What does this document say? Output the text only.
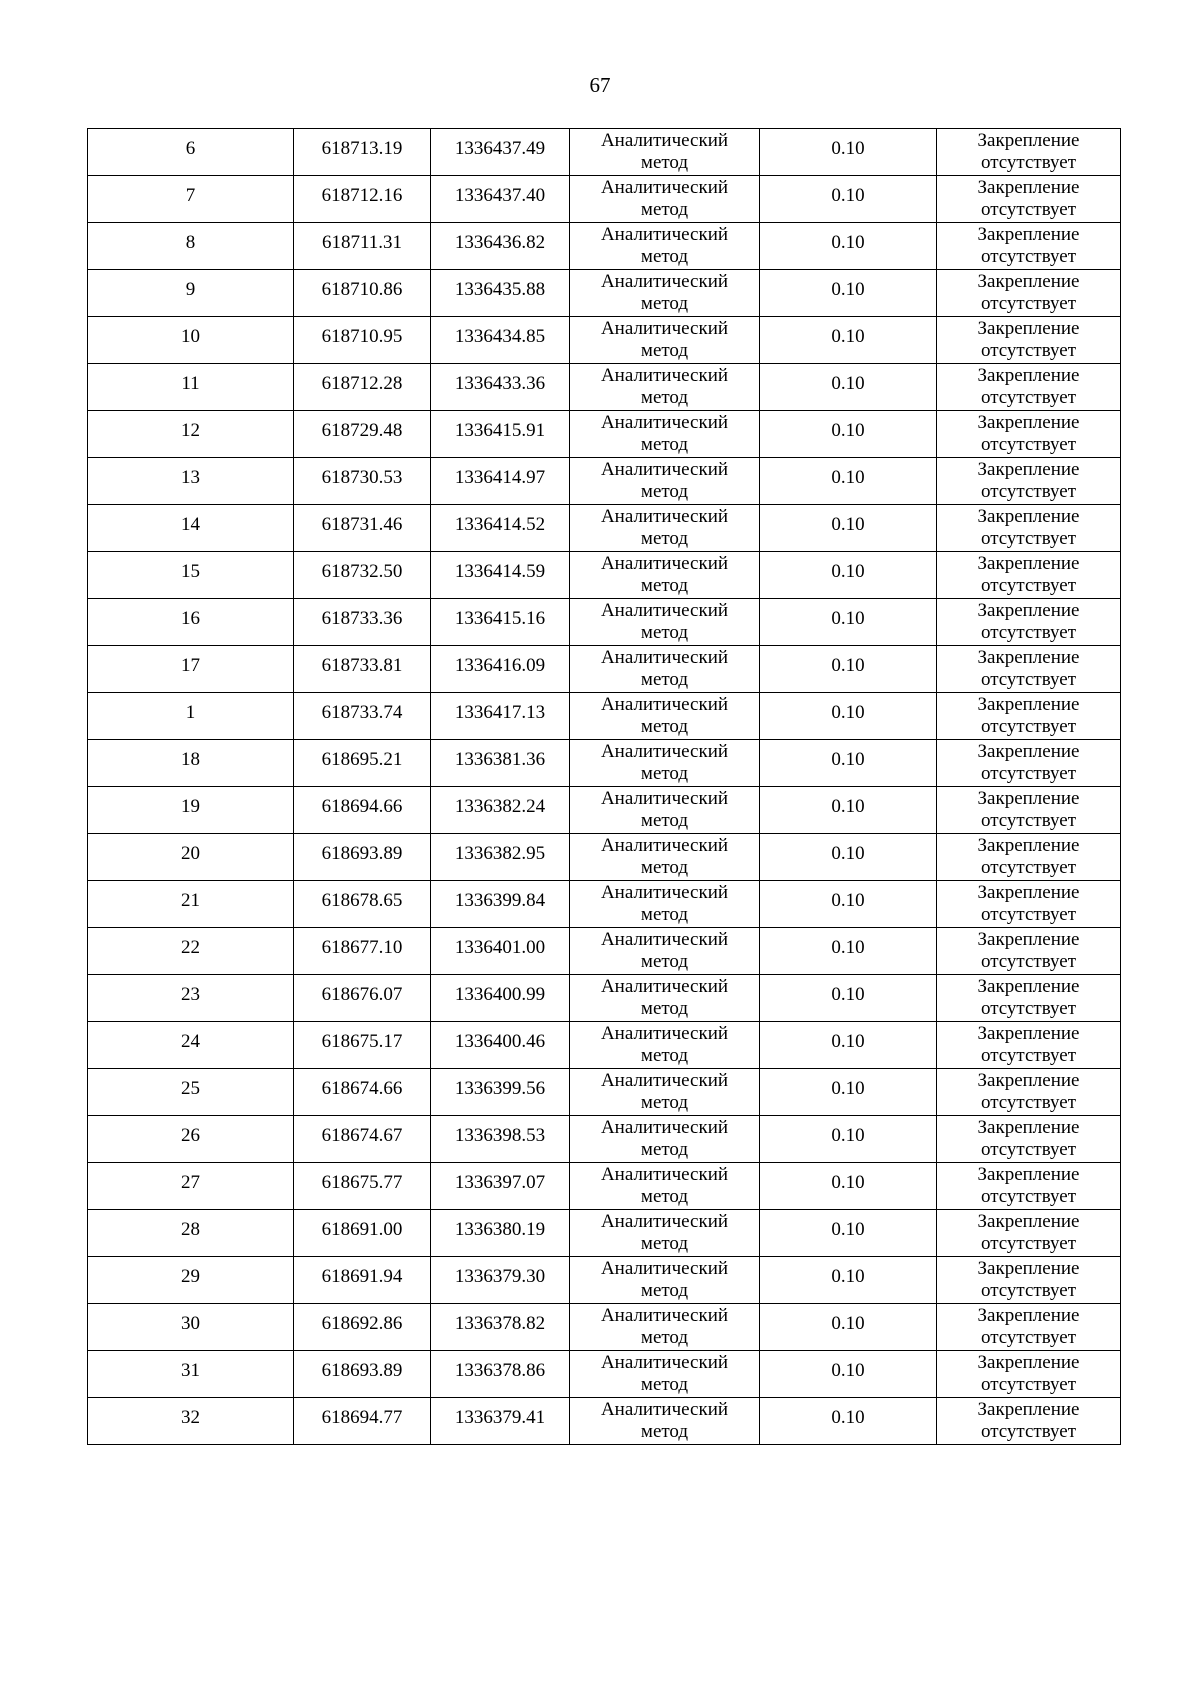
67
6	618713.19	1336437.49	Аналитический
метод	0.10	Закрепление
отсутствует

7	618712.16	1336437.40	Аналитический
метод	0.10	Закрепление
отсутствует

8	618711.31	1336436.82	Аналитический
метод	0.10	Закрепление
отсутствует

9	618710.86	1336435.88	Аналитический
метод	0.10	Закрепление
отсутствует

10	618710.95	1336434.85	Аналитический
метод	0.10	Закрепление
отсутствует

11	618712.28	1336433.36	Аналитический
метод	0.10	Закрепление
отсутствует

12	618729.48	1336415.91	Аналитический
метод	0.10	Закрепление
отсутствует

13	618730.53	1336414.97	Аналитический
метод	0.10	Закрепление
отсутствует

14	618731.46	1336414.52	Аналитический
метод	0.10	Закрепление
отсутствует

15	618732.50	1336414.59	Аналитический
метод	0.10	Закрепление
отсутствует

16	618733.36	1336415.16	Аналитический
метод	0.10	Закрепление
отсутствует

17	618733.81	1336416.09	Аналитический
метод	0.10	Закрепление
отсутствует

1	618733.74	1336417.13	Аналитический
метод	0.10	Закрепление
отсутствует

18	618695.21	1336381.36	Аналитический
метод	0.10	Закрепление
отсутствует

19	618694.66	1336382.24	Аналитический
метод	0.10	Закрепление
отсутствует

20	618693.89	1336382.95	Аналитический
метод	0.10	Закрепление
отсутствует

21	618678.65	1336399.84	Аналитический
метод	0.10	Закрепление
отсутствует

22	618677.10	1336401.00	Аналитический
метод	0.10	Закрепление
отсутствует

23	618676.07	1336400.99	Аналитический
метод	0.10	Закрепление
отсутствует

24	618675.17	1336400.46	Аналитический
метод	0.10	Закрепление
отсутствует

25	618674.66	1336399.56	Аналитический
метод	0.10	Закрепление
отсутствует

26	618674.67	1336398.53	Аналитический
метод	0.10	Закрепление
отсутствует

27	618675.77	1336397.07	Аналитический
метод	0.10	Закрепление
отсутствует

28	618691.00	1336380.19	Аналитический
метод	0.10	Закрепление
отсутствует

29	618691.94	1336379.30	Аналитический
метод	0.10	Закрепление
отсутствует

30	618692.86	1336378.82	Аналитический
метод	0.10	Закрепление
отсутствует

31	618693.89	1336378.86	Аналитический
метод	0.10	Закрепление
отсутствует

32	618694.77	1336379.41	Аналитический
метод	0.10	Закрепление
отсутствует
